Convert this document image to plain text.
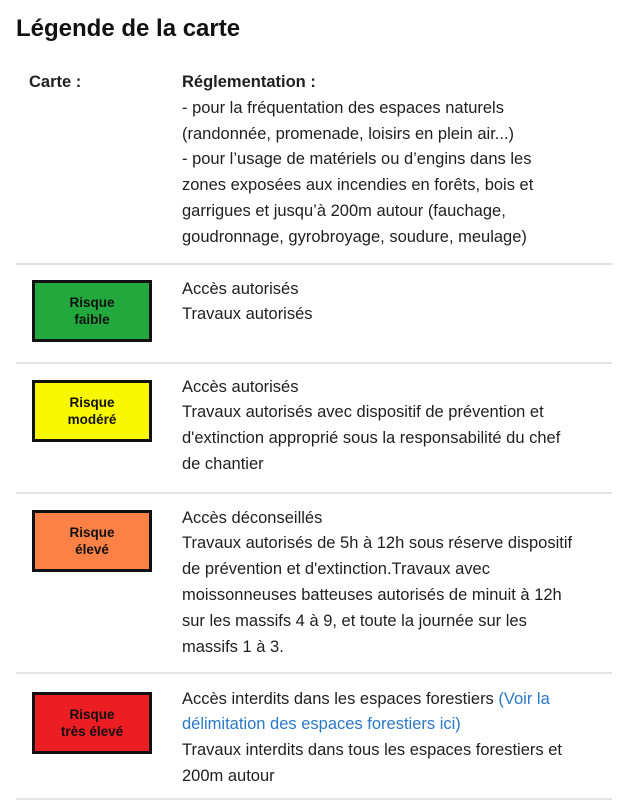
Légende de la carte
Carte :	Réglementation :
- pour la fréquentation des espaces naturels
(randonnée, promenade, loisirs en plein air...)
- pour l’usage de matériels ou d’engins dans les
zones exposées aux incendies en forêts, bois et
garrigues et jusqu’à 200m autour (fauchage,
goudronnage, gyrobroyage, soudure, meulage)
Risque
faible
Accès autorisés
Travaux autorisés
Risque
modéré
Accès autorisés
Travaux autorisés avec dispositif de prévention et
d'extinction approprié sous la responsabilité du chef
de chantier
Risque
élevé
Accès déconseillés
Travaux autorisés de 5h à 12h sous réserve dispositif
de prévention et d'extinction.Travaux avec
moissonneuses batteuses autorisés de minuit à 12h
sur les massifs 4 à 9, et toute la journée sur les
massifs 1 à 3.
Risque
très élevé
Accès interdits dans les espaces forestiers (Voir la
délimitation des espaces forestiers ici)
Travaux interdits dans tous les espaces forestiers et
200m autour
